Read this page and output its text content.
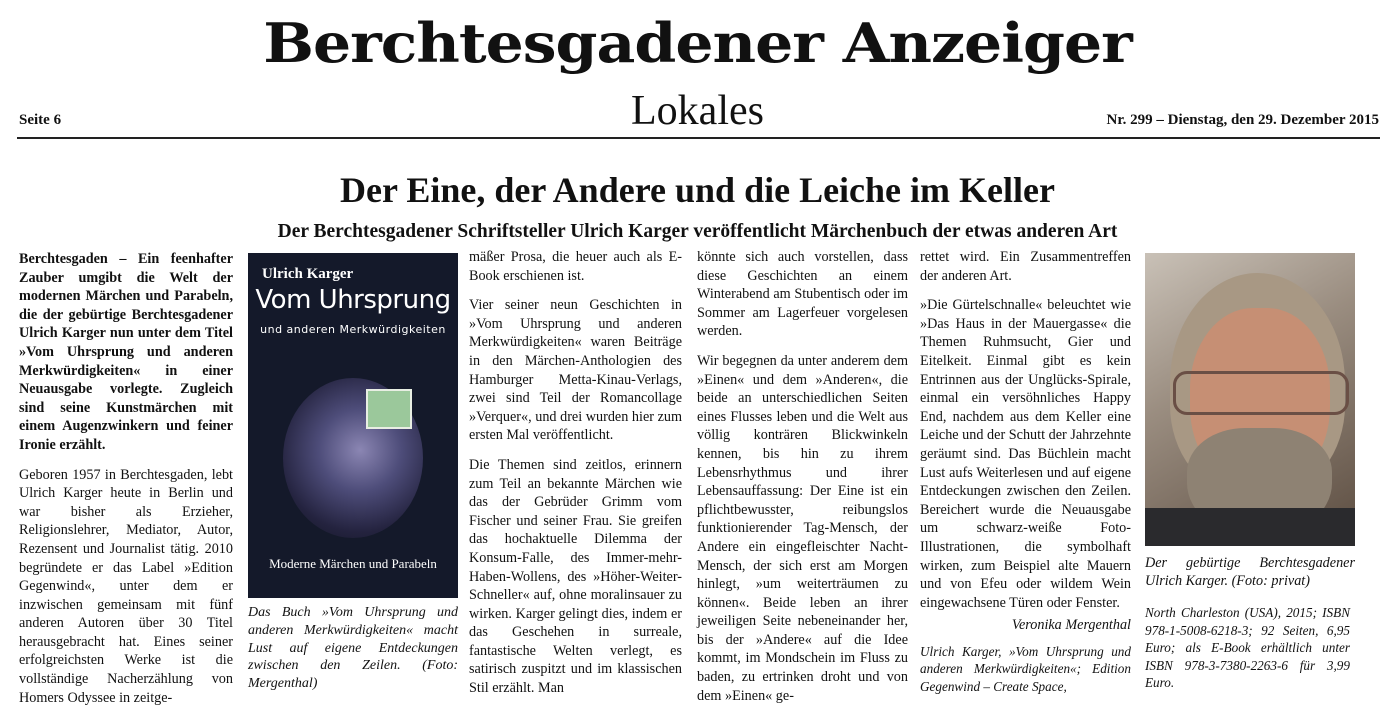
Berchtesgadener Anzeiger
Seite 6	Lokales	Nr. 299 – Dienstag, den 29. Dezember 2015
Der Eine, der Andere und die Leiche im Keller
Der Berchtesgadener Schriftsteller Ulrich Karger veröffentlicht Märchenbuch der etwas anderen Art

Berchtesgaden – Ein feenhafter Zauber umgibt die Welt der modernen Märchen und Parabeln, die der gebürtige Berchtesgadener Ulrich Karger nun unter dem Titel »Vom Uhrsprung und anderen Merkwürdigkeiten« in einer Neuausgabe vorlegte. Zugleich sind seine Kunstmärchen mit einem Augenzwinkern und feiner Ironie erzählt.

Geboren 1957 in Berchtesgaden, lebt Ulrich Karger heute in Berlin und war bisher als Erzieher, Religionslehrer, Mediator, Autor, Rezensent und Journalist tätig. 2010 begründete er das Label »Edition Gegenwind«, unter dem er inzwischen gemeinsam mit fünf anderen Autoren über 30 Titel herausgebracht hat. Eines seiner erfolgreichsten Werke ist die vollständige Nacherzählung von Homers Odyssee in zeitge-

Ulrich Karger
Vom Uhrsprung
und anderen Merkwürdigkeiten
Moderne Märchen und Parabeln
Das Buch »Vom Uhrsprung und anderen Merkwürdigkeiten« macht Lust auf eigene Entdeckungen zwischen den Zeilen. (Foto: Mergenthal)

mäßer Prosa, die heuer auch als E-Book erschienen ist.

Vier seiner neun Geschichten in »Vom Uhrsprung und anderen Merkwürdigkeiten« waren Beiträge in den Märchen-Anthologien des Hamburger Metta-Kinau-Verlags, zwei sind Teil der Romancollage »Verquer«, und drei wurden hier zum ersten Mal veröffentlicht.

Die Themen sind zeitlos, erinnern zum Teil an bekannte Märchen wie das der Gebrüder Grimm vom Fischer und seiner Frau. Sie greifen das hochaktuelle Dilemma der Konsum-Falle, des Immer-mehr-Haben-Wollens, des »Höher-Weiter-Schneller« auf, ohne moralinsauer zu wirken. Karger gelingt dies, indem er das Geschehen in surreale, fantastische Welten verlegt, es satirisch zuspitzt und im klassischen Stil erzählt. Man

könnte sich auch vorstellen, dass diese Geschichten an einem Winterabend am Stubentisch oder im Sommer am Lagerfeuer vorgelesen werden.

Wir begegnen da unter anderem dem »Einen« und dem »Anderen«, die beide an unterschiedlichen Seiten eines Flusses leben und die Welt aus völlig konträren Blickwinkeln kennen, bis hin zu ihrem Lebensrhythmus und ihrer Lebensauffassung: Der Eine ist ein pflichtbewusster, reibungslos funktionierender Tag-Mensch, der Andere ein eingefleischter Nacht-Mensch, der sich erst am Morgen hinlegt, »um weiterträumen zu können«. Beide leben an ihrer jeweiligen Seite nebeneinander her, bis der »Andere« auf die Idee kommt, im Mondschein im Fluss zu baden, zu ertrinken droht und von dem »Einen« ge-

rettet wird. Ein Zusammentreffen der anderen Art.

»Die Gürtelschnalle« beleuchtet wie »Das Haus in der Mauergasse« die Themen Ruhmsucht, Gier und Eitelkeit. Einmal gibt es kein Entrinnen aus der Unglücks-Spirale, einmal ein versöhnliches Happy End, nachdem aus dem Keller eine Leiche und der Schutt der Jahrzehnte geräumt sind. Das Büchlein macht Lust aufs Weiterlesen und auf eigene Entdeckungen zwischen den Zeilen. Bereichert wurde die Neuausgabe um schwarz-weiße Foto-Illustrationen, die symbolhaft wirken, zum Beispiel alte Mauern und von Efeu oder wildem Wein eingewachsene Türen oder Fenster.

Veronika Mergenthal

Ulrich Karger, »Vom Uhrsprung und anderen Merkwürdigkeiten«; Edition Gegenwind – Create Space,

Der gebürtige Berchtesgadener Ulrich Karger. (Foto: privat)
North Charleston (USA), 2015; ISBN 978-1-5008-6218-3; 92 Seiten, 6,95 Euro; als E-Book erhältlich unter ISBN 978-3-7380-2263-6 für 3,99 Euro.
